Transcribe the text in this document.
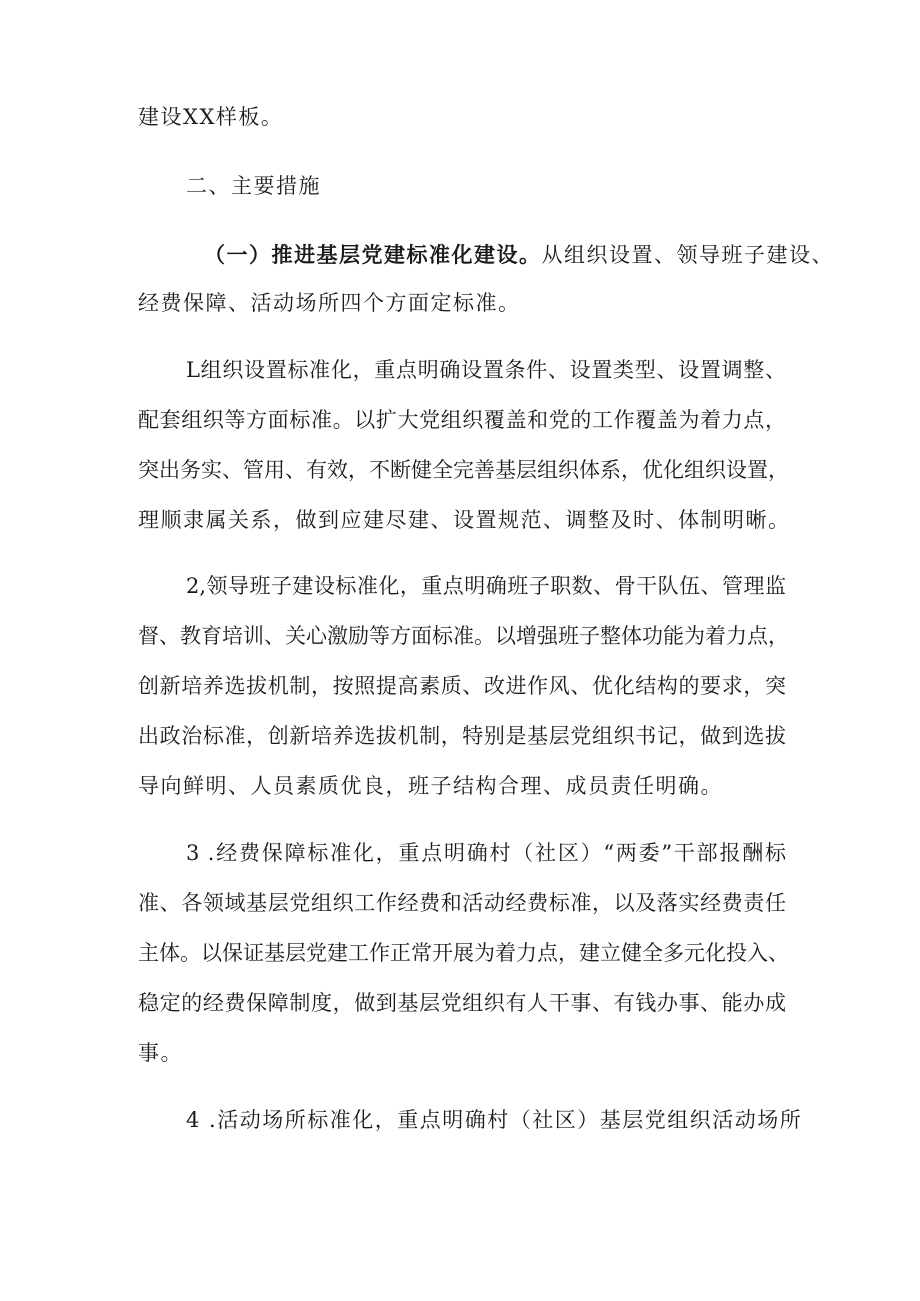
建设XX样板。
二、主要措施
（一）推进基层党建标准化建设。从组织设置、领导班子建设、
经费保障、活动场所四个方面定标准。
L组织设置标准化，重点明确设置条件、设置类型、设置调整、
配套组织等方面标准。以扩大党组织覆盖和党的工作覆盖为着力点，
突出务实、管用、有效，不断健全完善基层组织体系，优化组织设置，
理顺隶属关系，做到应建尽建、设置规范、调整及时、体制明晰。
2,领导班子建设标准化，重点明确班子职数、骨干队伍、管理监
督、教育培训、关心激励等方面标准。以增强班子整体功能为着力点，
创新培养选拔机制，按照提高素质、改进作风、优化结构的要求，突
出政治标准，创新培养选拔机制，特别是基层党组织书记，做到选拔
导向鲜明、人员素质优良，班子结构合理、成员责任明确。
3 .经费保障标准化，重点明确村（社区）“两委”干部报酬标
准、各领域基层党组织工作经费和活动经费标准，以及落实经费责任
主体。以保证基层党建工作正常开展为着力点，建立健全多元化投入、
稳定的经费保障制度，做到基层党组织有人干事、有钱办事、能办成
事。
4 .活动场所标准化，重点明确村（社区）基层党组织活动场所
